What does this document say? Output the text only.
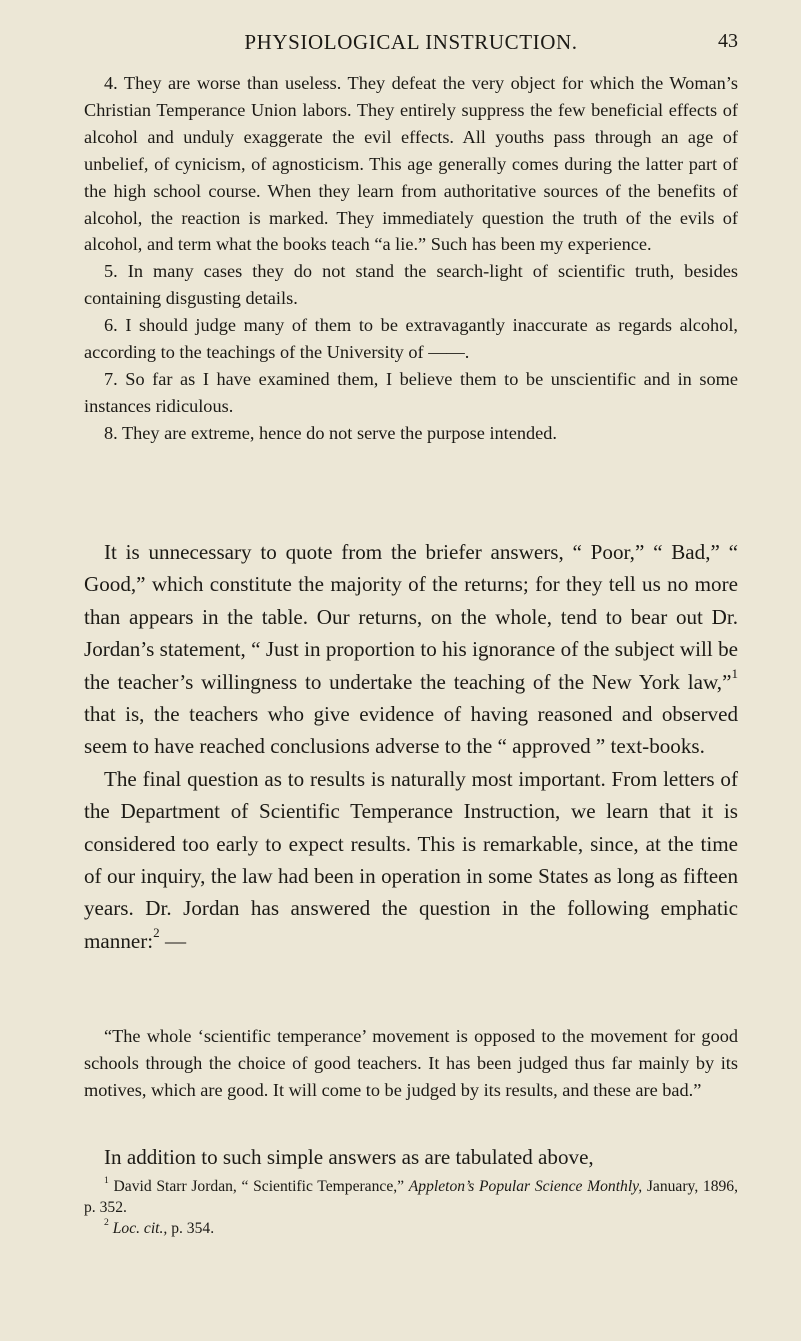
PHYSIOLOGICAL INSTRUCTION.	43

4. They are worse than useless. They defeat the very object for which the Woman’s Christian Temperance Union labors. They entirely suppress the few beneficial effects of alcohol and unduly exaggerate the evil effects. All youths pass through an age of unbelief, of cynicism, of agnosticism. This age generally comes during the latter part of the high school course. When they learn from authoritative sources of the benefits of alcohol, the reaction is marked. They immediately question the truth of the evils of alcohol, and term what the books teach “a lie.” Such has been my experience.

5. In many cases they do not stand the search-light of scientific truth, besides containing disgusting details.

6. I should judge many of them to be extravagantly inaccurate as regards alcohol, according to the teachings of the University of ——.

7. So far as I have examined them, I believe them to be unscientific and in some instances ridiculous.

8. They are extreme, hence do not serve the purpose intended.

It is unnecessary to quote from the briefer answers, “ Poor,” “ Bad,” “ Good,” which constitute the majority of the returns; for they tell us no more than appears in the table. Our returns, on the whole, tend to bear out Dr. Jordan’s statement, “ Just in proportion to his ignorance of the subject will be the teacher’s willingness to undertake the teaching of the New York law,”$^1$ that is, the teachers who give evidence of having reasoned and observed seem to have reached conclusions adverse to the “ approved ” text-books.

The final question as to results is naturally most important. From letters of the Department of Scientific Temperance Instruction, we learn that it is considered too early to expect results. This is remarkable, since, at the time of our inquiry, the law had been in operation in some States as long as fifteen years. Dr. Jordan has answered the question in the following emphatic manner:$^2$ —

“The whole ‘scientific temperance’ movement is opposed to the movement for good schools through the choice of good teachers. It has been judged thus far mainly by its motives, which are good. It will come to be judged by its results, and these are bad.”

In addition to such simple answers as are tabulated above,

$^1$ David Starr Jordan, “ Scientific Temperance,” Appleton’s Popular Science Monthly, January, 1896, p. 352.

$^2$ Loc. cit., p. 354.
